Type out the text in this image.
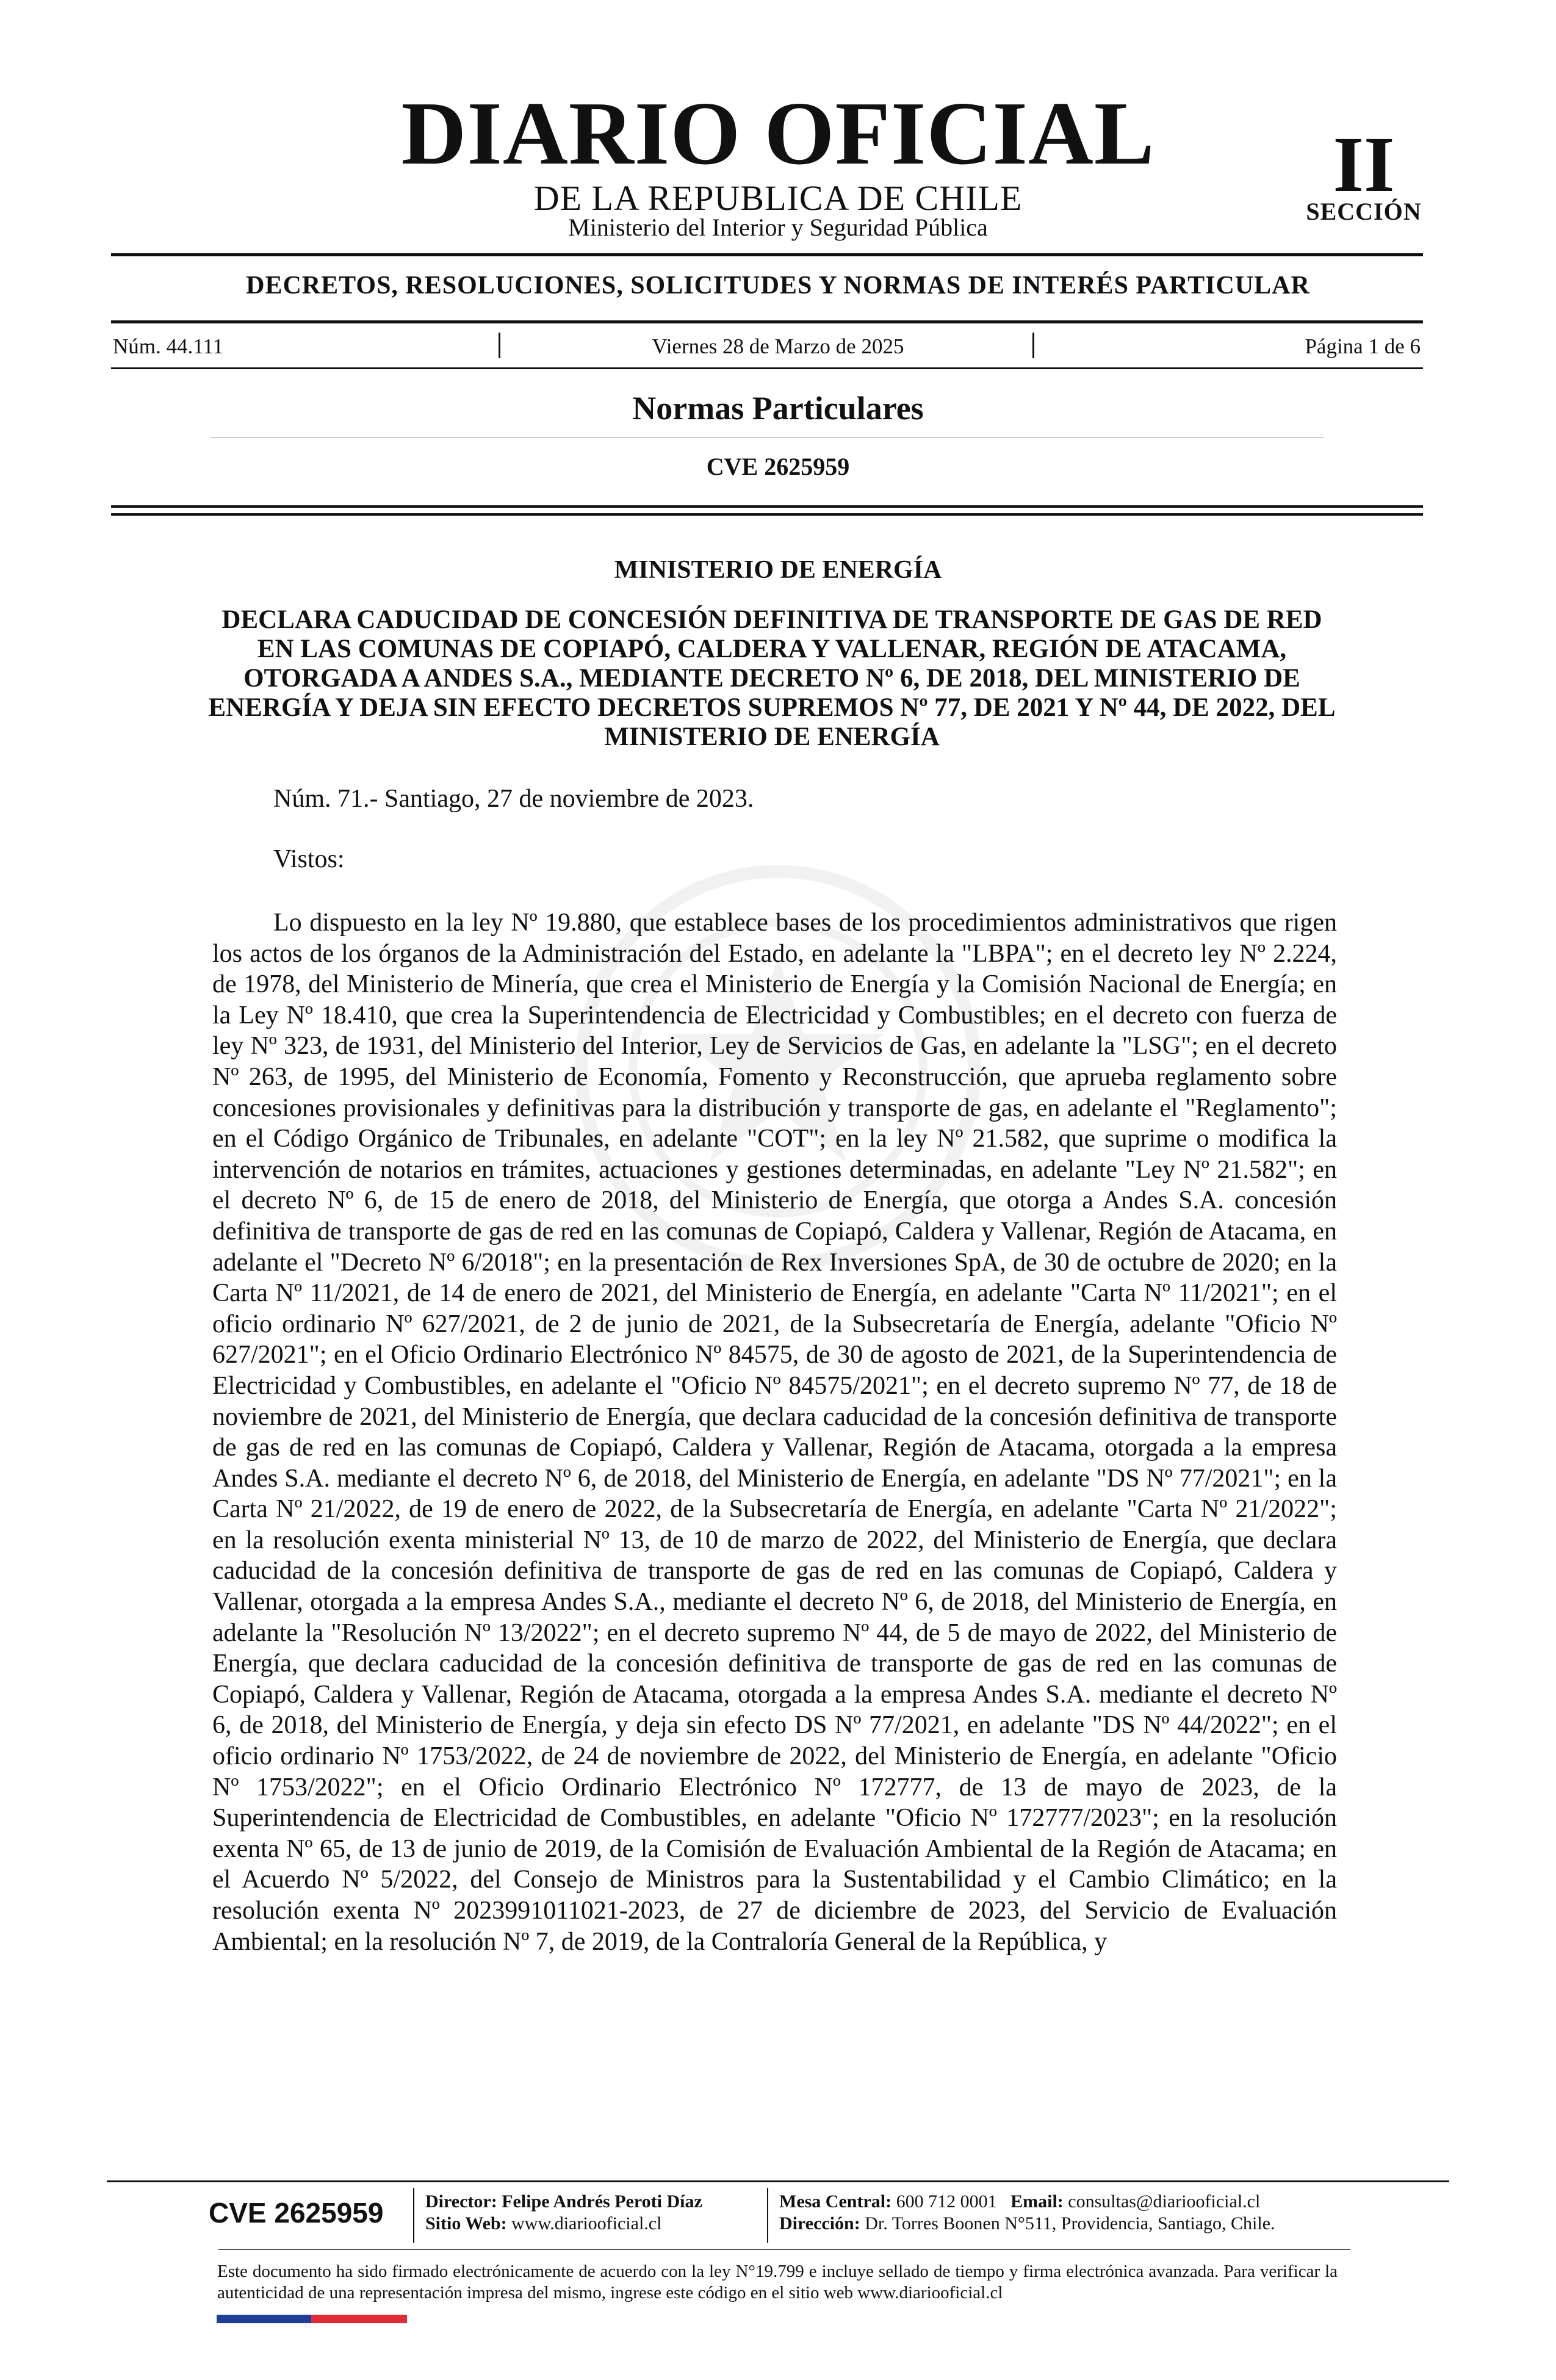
DIARIO OFICIAL
DE LA REPUBLICA DE CHILE
Ministerio del Interior y Seguridad Pública
II
SECCIÓN
DECRETOS, RESOLUCIONES, SOLICITUDES Y NORMAS DE INTERÉS PARTICULAR
Núm. 44.111	Viernes 28 de Marzo de 2025	Página 1 de 6
Normas Particulares
CVE 2625959
MINISTERIO DE ENERGÍA
DECLARA CADUCIDAD DE CONCESIÓN DEFINITIVA DE TRANSPORTE DE GAS DE RED EN LAS COMUNAS DE COPIAPÓ, CALDERA Y VALLENAR, REGIÓN DE ATACAMA, OTORGADA A ANDES S.A., MEDIANTE DECRETO Nº 6, DE 2018, DEL MINISTERIO DE ENERGÍA Y DEJA SIN EFECTO DECRETOS SUPREMOS Nº 77, DE 2021 Y Nº 44, DE 2022, DEL MINISTERIO DE ENERGÍA
Núm. 71.- Santiago, 27 de noviembre de 2023.
Vistos:
Lo dispuesto en la ley Nº 19.880, que establece bases de los procedimientos administrativos que rigen los actos de los órganos de la Administración del Estado, en adelante la "LBPA"; en el decreto ley Nº 2.224, de 1978, del Ministerio de Minería, que crea el Ministerio de Energía y la Comisión Nacional de Energía; en la Ley Nº 18.410, que crea la Superintendencia de Electricidad y Combustibles; en el decreto con fuerza de ley Nº 323, de 1931, del Ministerio del Interior, Ley de Servicios de Gas, en adelante la "LSG"; en el decreto Nº 263, de 1995, del Ministerio de Economía, Fomento y Reconstrucción, que aprueba reglamento sobre concesiones provisionales y definitivas para la distribución y transporte de gas, en adelante el "Reglamento"; en el Código Orgánico de Tribunales, en adelante "COT"; en la ley Nº 21.582, que suprime o modifica la intervención de notarios en trámites, actuaciones y gestiones determinadas, en adelante "Ley Nº 21.582"; en el decreto Nº 6, de 15 de enero de 2018, del Ministerio de Energía, que otorga a Andes S.A. concesión definitiva de transporte de gas de red en las comunas de Copiapó, Caldera y Vallenar, Región de Atacama, en adelante el "Decreto Nº 6/2018"; en la presentación de Rex Inversiones SpA, de 30 de octubre de 2020; en la Carta Nº 11/2021, de 14 de enero de 2021, del Ministerio de Energía, en adelante "Carta Nº 11/2021"; en el oficio ordinario Nº 627/2021, de 2 de junio de 2021, de la Subsecretaría de Energía, adelante "Oficio Nº 627/2021"; en el Oficio Ordinario Electrónico Nº 84575, de 30 de agosto de 2021, de la Superintendencia de Electricidad y Combustibles, en adelante el "Oficio Nº 84575/2021"; en el decreto supremo Nº 77, de 18 de noviembre de 2021, del Ministerio de Energía, que declara caducidad de la concesión definitiva de transporte de gas de red en las comunas de Copiapó, Caldera y Vallenar, Región de Atacama, otorgada a la empresa Andes S.A. mediante el decreto Nº 6, de 2018, del Ministerio de Energía, en adelante "DS Nº 77/2021"; en la Carta Nº 21/2022, de 19 de enero de 2022, de la Subsecretaría de Energía, en adelante "Carta Nº 21/2022"; en la resolución exenta ministerial Nº 13, de 10 de marzo de 2022, del Ministerio de Energía, que declara caducidad de la concesión definitiva de transporte de gas de red en las comunas de Copiapó, Caldera y Vallenar, otorgada a la empresa Andes S.A., mediante el decreto Nº 6, de 2018, del Ministerio de Energía, en adelante la "Resolución Nº 13/2022"; en el decreto supremo Nº 44, de 5 de mayo de 2022, del Ministerio de Energía, que declara caducidad de la concesión definitiva de transporte de gas de red en las comunas de Copiapó, Caldera y Vallenar, Región de Atacama, otorgada a la empresa Andes S.A. mediante el decreto Nº 6, de 2018, del Ministerio de Energía, y deja sin efecto DS Nº 77/2021, en adelante "DS Nº 44/2022"; en el oficio ordinario Nº 1753/2022, de 24 de noviembre de 2022, del Ministerio de Energía, en adelante "Oficio Nº 1753/2022"; en el Oficio Ordinario Electrónico Nº 172777, de 13 de mayo de 2023, de la Superintendencia de Electricidad de Combustibles, en adelante "Oficio Nº 172777/2023"; en la resolución exenta Nº 65, de 13 de junio de 2019, de la Comisión de Evaluación Ambiental de la Región de Atacama; en el Acuerdo Nº 5/2022, del Consejo de Ministros para la Sustentabilidad y el Cambio Climático; en la resolución exenta Nº 2023991011021-2023, de 27 de diciembre de 2023, del Servicio de Evaluación Ambiental; en la resolución Nº 7, de 2019, de la Contraloría General de la República, y
CVE 2625959	Director: Felipe Andrés Peroti Díaz
Sitio Web: www.diariooficial.cl
Mesa Central: 600 712 0001 Email: consultas@diariooficial.cl
Dirección: Dr. Torres Boonen N°511, Providencia, Santiago, Chile.
Este documento ha sido firmado electrónicamente de acuerdo con la ley N°19.799 e incluye sellado de tiempo y firma electrónica avanzada. Para verificar la autenticidad de una representación impresa del mismo, ingrese este código en el sitio web www.diariooficial.cl
